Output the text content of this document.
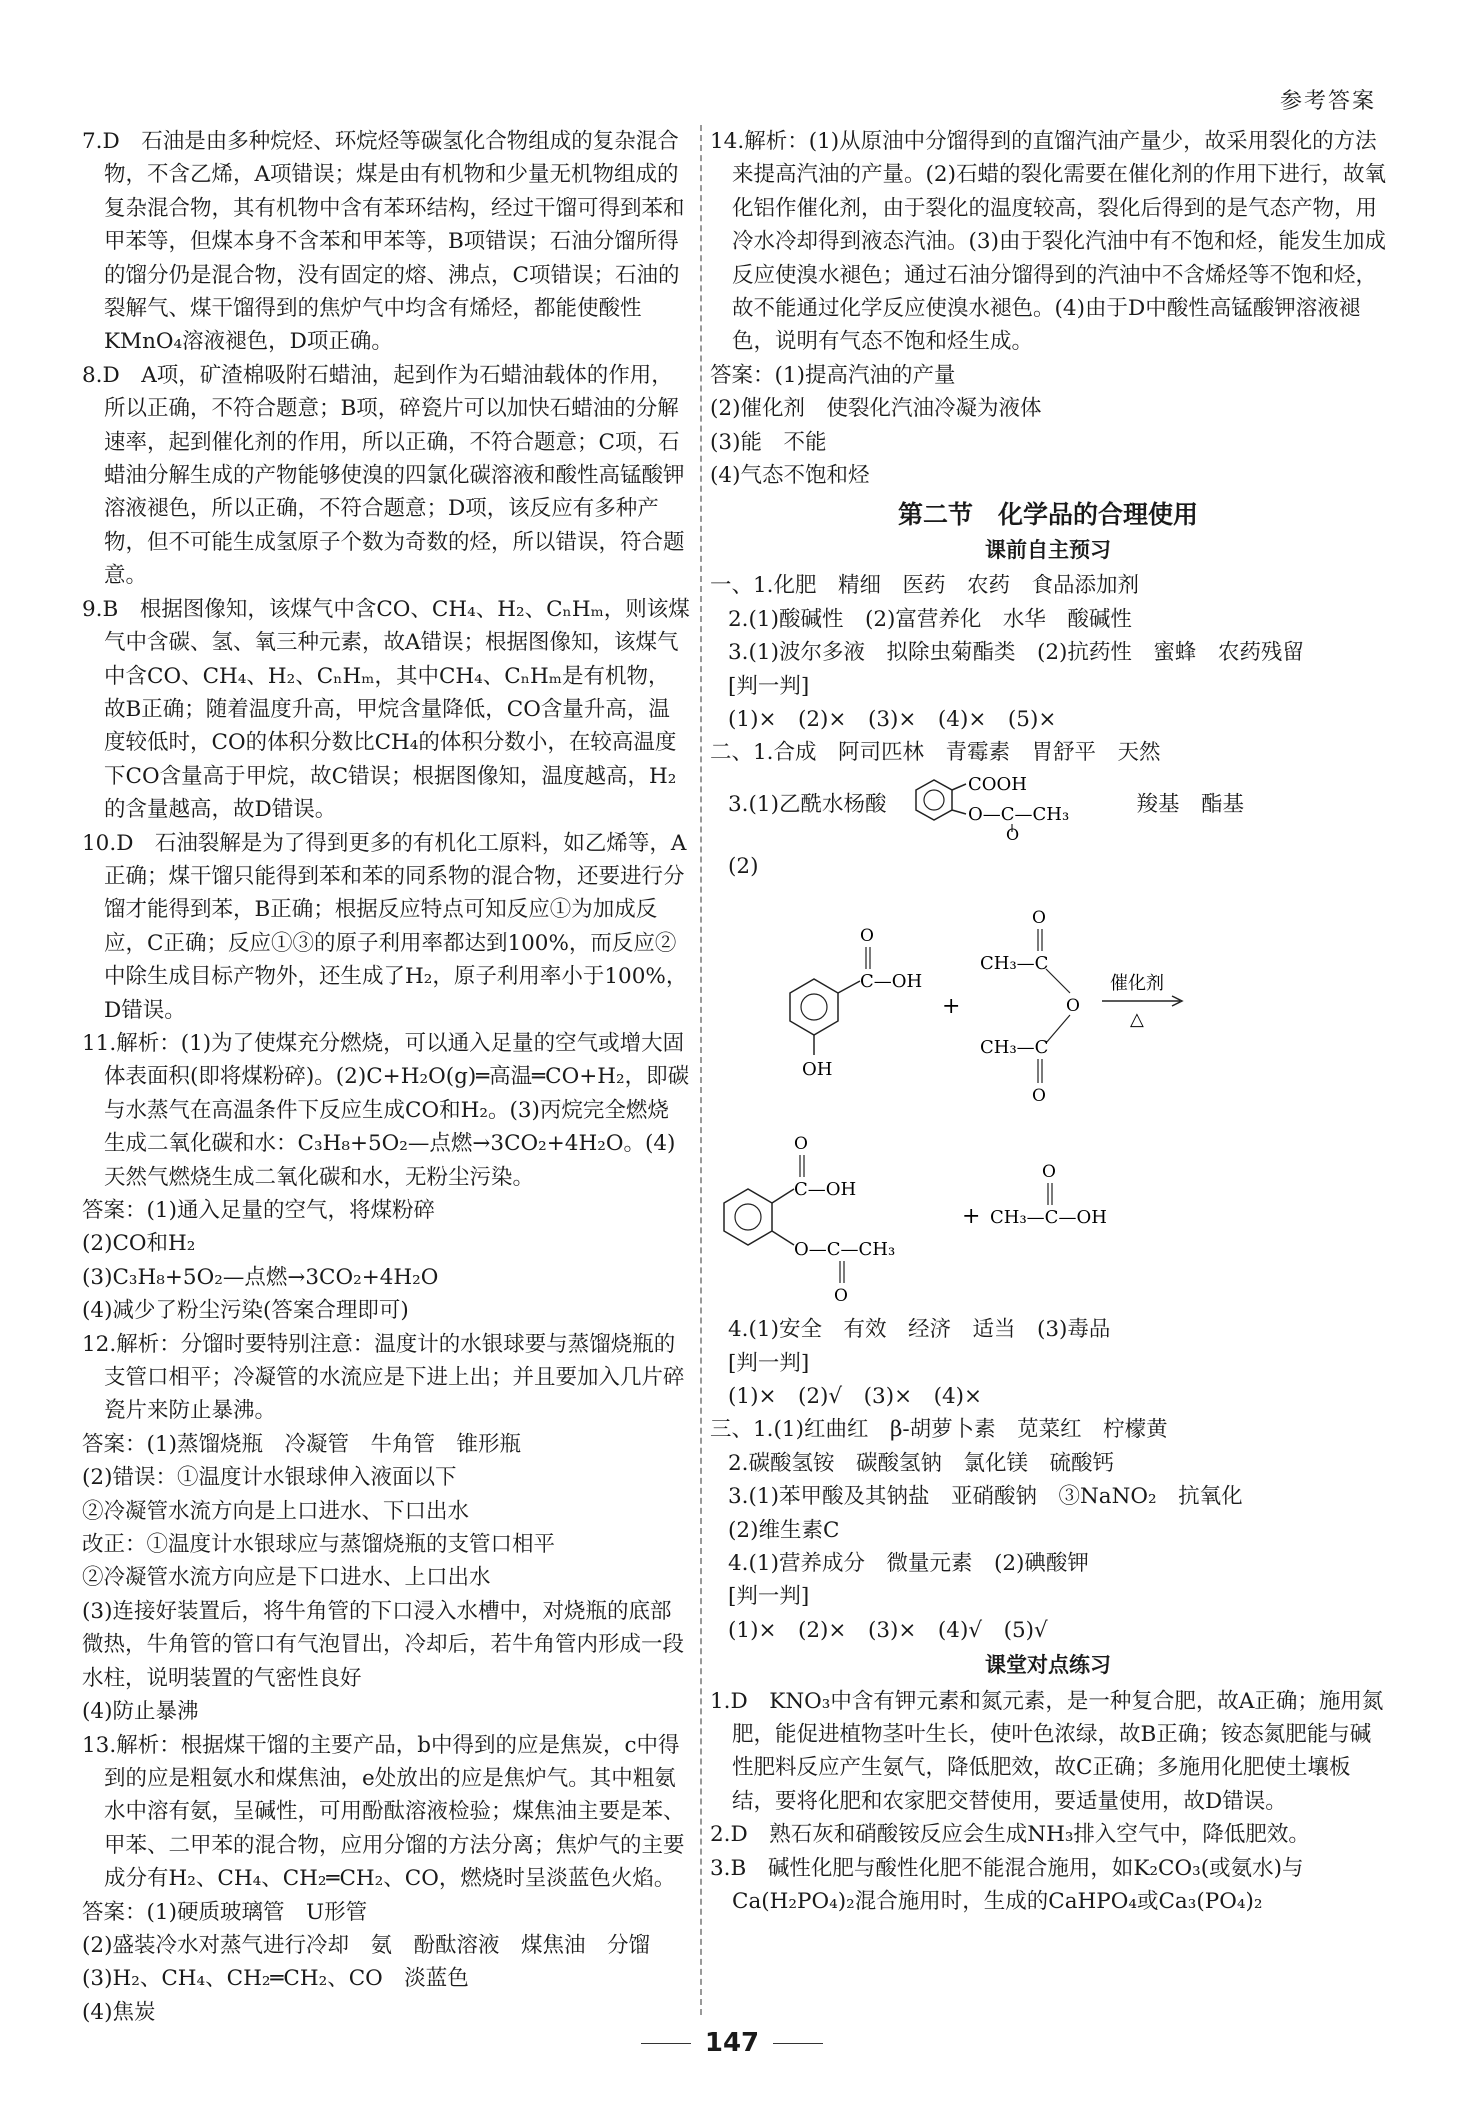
参考答案

7.D　石油是由多种烷烃、环烷烃等碳氢化合物组成的复杂混合物，不含乙烯，A项错误；煤是由有机物和少量无机物组成的复杂混合物，其有机物中含有苯环结构，经过干馏可得到苯和甲苯等，但煤本身不含苯和甲苯等，B项错误；石油分馏所得的馏分仍是混合物，没有固定的熔、沸点，C项错误；石油的裂解气、煤干馏得到的焦炉气中均含有烯烃，都能使酸性KMnO₄溶液褪色，D项正确。

8.D　A项，矿渣棉吸附石蜡油，起到作为石蜡油载体的作用，所以正确，不符合题意；B项，碎瓷片可以加快石蜡油的分解速率，起到催化剂的作用，所以正确，不符合题意；C项，石蜡油分解生成的产物能够使溴的四氯化碳溶液和酸性高锰酸钾溶液褪色，所以正确，不符合题意；D项，该反应有多种产物，但不可能生成氢原子个数为奇数的烃，所以错误，符合题意。

9.B　根据图像知，该煤气中含CO、CH₄、H₂、CₙHₘ，则该煤气中含碳、氢、氧三种元素，故A错误；根据图像知，该煤气中含CO、CH₄、H₂、CₙHₘ，其中CH₄、CₙHₘ是有机物，故B正确；随着温度升高，甲烷含量降低，CO含量升高，温度较低时，CO的体积分数比CH₄的体积分数小，在较高温度下CO含量高于甲烷，故C错误；根据图像知，温度越高，H₂的含量越高，故D错误。

10.D　石油裂解是为了得到更多的有机化工原料，如乙烯等，A正确；煤干馏只能得到苯和苯的同系物的混合物，还要进行分馏才能得到苯，B正确；根据反应特点可知反应①为加成反应，C正确；反应①③的原子利用率都达到100%，而反应②中除生成目标产物外，还生成了H₂，原子利用率小于100%，D错误。

11.解析：(1)为了使煤充分燃烧，可以通入足量的空气或增大固体表面积(即将煤粉碎)。(2)C+H₂O(g)═高温═CO+H₂，即碳与水蒸气在高温条件下反应生成CO和H₂。(3)丙烷完全燃烧生成二氧化碳和水：C₃H₈+5O₂—点燃→3CO₂+4H₂O。(4)天然气燃烧生成二氧化碳和水，无粉尘污染。

答案：(1)通入足量的空气，将煤粉碎

(2)CO和H₂

(3)C₃H₈+5O₂—点燃→3CO₂+4H₂O

(4)减少了粉尘污染(答案合理即可)

12.解析：分馏时要特别注意：温度计的水银球要与蒸馏烧瓶的支管口相平；冷凝管的水流应是下进上出；并且要加入几片碎瓷片来防止暴沸。

答案：(1)蒸馏烧瓶　冷凝管　牛角管　锥形瓶

(2)错误：①温度计水银球伸入液面以下

②冷凝管水流方向是上口进水、下口出水

改正：①温度计水银球应与蒸馏烧瓶的支管口相平

②冷凝管水流方向应是下口进水、上口出水

(3)连接好装置后，将牛角管的下口浸入水槽中，对烧瓶的底部微热，牛角管的管口有气泡冒出，冷却后，若牛角管内形成一段水柱，说明装置的气密性良好

(4)防止暴沸

13.解析：根据煤干馏的主要产品，b中得到的应是焦炭，c中得到的应是粗氨水和煤焦油，e处放出的应是焦炉气。其中粗氨水中溶有氨，呈碱性，可用酚酞溶液检验；煤焦油主要是苯、甲苯、二甲苯的混合物，应用分馏的方法分离；焦炉气的主要成分有H₂、CH₄、CH₂═CH₂、CO，燃烧时呈淡蓝色火焰。

答案：(1)硬质玻璃管　U形管

(2)盛装冷水对蒸气进行冷却　氨　酚酞溶液　煤焦油　分馏

(3)H₂、CH₄、CH₂═CH₂、CO　淡蓝色

(4)焦炭

14.解析：(1)从原油中分馏得到的直馏汽油产量少，故采用裂化的方法来提高汽油的产量。(2)石蜡的裂化需要在催化剂的作用下进行，故氧化铝作催化剂，由于裂化的温度较高，裂化后得到的是气态产物，用冷水冷却得到液态汽油。(3)由于裂化汽油中有不饱和烃，能发生加成反应使溴水褪色；通过石油分馏得到的汽油中不含烯烃等不饱和烃，故不能通过化学反应使溴水褪色。(4)由于D中酸性高锰酸钾溶液褪色，说明有气态不饱和烃生成。

答案：(1)提高汽油的产量

(2)催化剂　使裂化汽油冷凝为液体

(3)能　不能

(4)气态不饱和烃

第二节　化学品的合理使用
课前自主预习

一、1.化肥　精细　医药　农药　食品添加剂

2.(1)酸碱性　(2)富营养化　水华　酸碱性

3.(1)波尔多液　拟除虫菊酯类　(2)抗药性　蜜蜂　农药残留

[判一判]

(1)×　(2)×　(3)×　(4)×　(5)×

二、1.合成　阿司匹林　青霉素　胃舒平　天然

3.(1)乙酰水杨酸
COOH
O—C—CH₃
O
羧基　酯基
(2)
C—OH
O
OH
+
CH₃—C
O
O
CH₃—C
O
催化剂
△
C—OH
O
O—C—CH₃
O
+ CH₃—C—OH
O

4.(1)安全　有效　经济　适当　(3)毒品

[判一判]

(1)×　(2)√　(3)×　(4)×

三、1.(1)红曲红　β-胡萝卜素　苋菜红　柠檬黄

2.碳酸氢铵　碳酸氢钠　氯化镁　硫酸钙

3.(1)苯甲酸及其钠盐　亚硝酸钠　③NaNO₂　抗氧化

(2)维生素C

4.(1)营养成分　微量元素　(2)碘酸钾

[判一判]

(1)×　(2)×　(3)×　(4)√　(5)√

课堂对点练习

1.D　KNO₃中含有钾元素和氮元素，是一种复合肥，故A正确；施用氮肥，能促进植物茎叶生长，使叶色浓绿，故B正确；铵态氮肥能与碱性肥料反应产生氨气，降低肥效，故C正确；多施用化肥使土壤板结，要将化肥和农家肥交替使用，要适量使用，故D错误。

2.D　熟石灰和硝酸铵反应会生成NH₃排入空气中，降低肥效。

3.B　碱性化肥与酸性化肥不能混合施用，如K₂CO₃(或氨水)与Ca(H₂PO₄)₂混合施用时，生成的CaHPO₄或Ca₃(PO₄)₂

147
